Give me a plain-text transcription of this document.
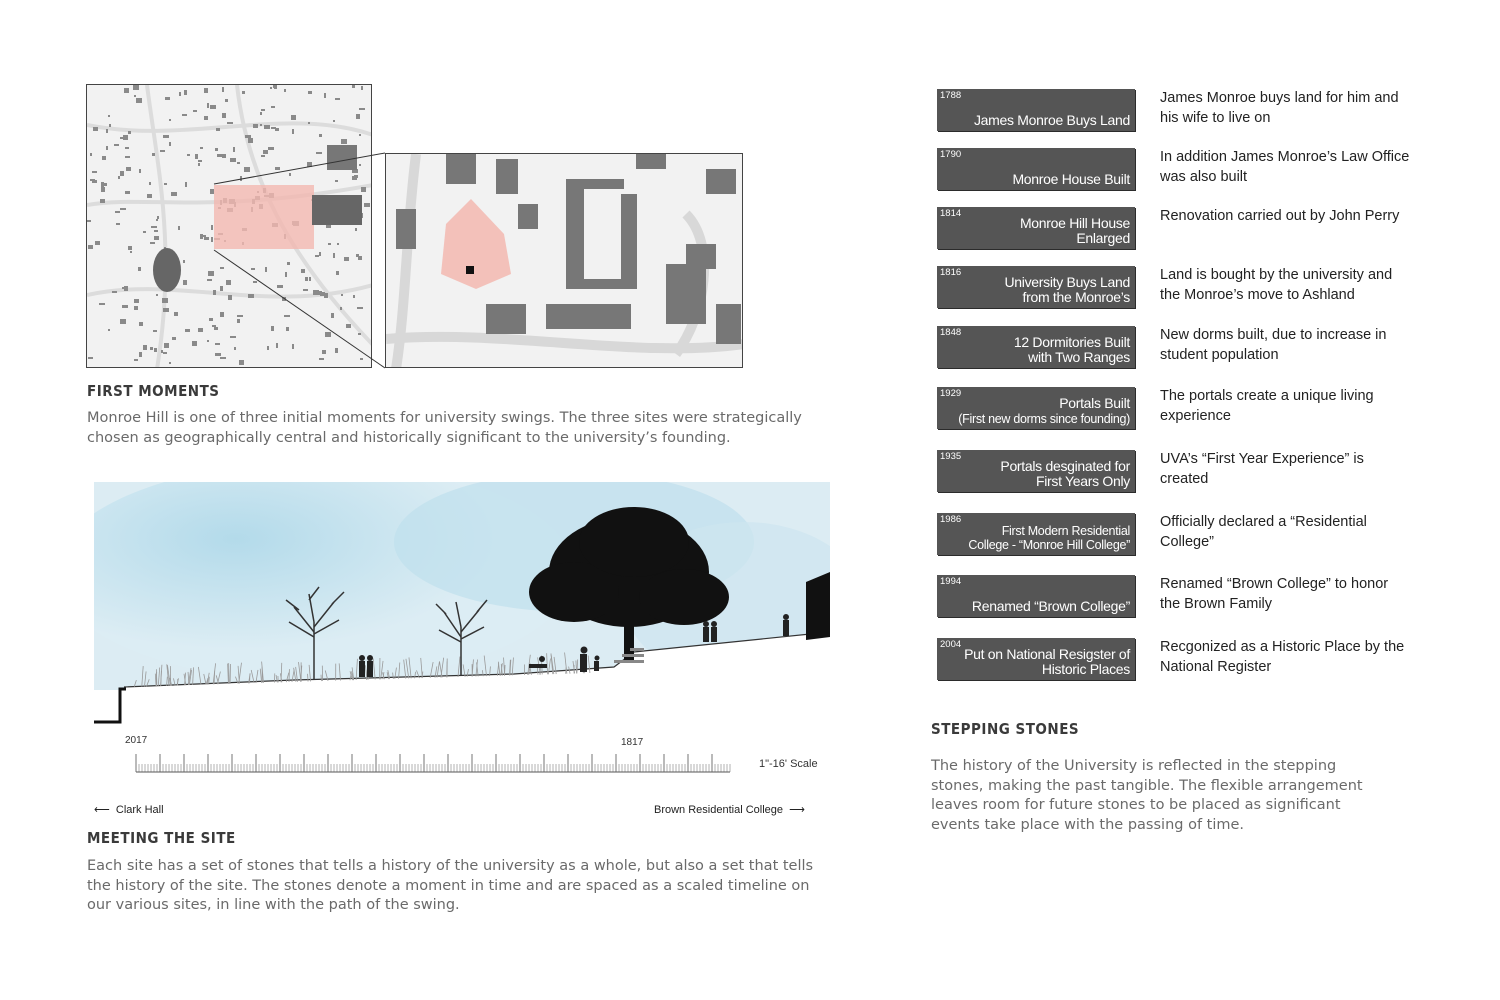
FIRST MOMENTS
Monroe Hill is one of three initial moments for university swings. The three sites were strategically chosen as geographically central and historically significant to the university’s founding.
2017	1817
1"-16' Scale
⟵  Clark Hall	Brown Residential College  ⟶
MEETING THE SITE
Each site has a set of stones that tells a history of the university as a whole, but also a set that tells the history of the site. The stones denote a moment in time and are spaced as a scaled timeline on our various sites, in line with the path of the swing.
1788
James Monroe Buys Land
James Monroe buys land for him and his wife to live on
1790
Monroe House Built
In addition James Monroe’s Law Office was also built
1814
Monroe Hill House Enlarged
Renovation carried out by John Perry
1816
University Buys Land from the Monroe’s
Land is bought by the university and the Monroe’s move to Ashland
1848
12 Dormitories Built with Two Ranges
New dorms built, due to increase in student population
1929
Portals Built
(First new dorms since founding)
The portals create a unique living experience
1935
Portals desginated for First Years Only
UVA’s “First Year Experience” is created
1986
First Modern Residential College - “Monroe Hill College”
Officially declared a “Residential College”
1994
Renamed “Brown College”
Renamed “Brown College” to honor the Brown Family
2004
Put on National Resigster of Historic Places
Recgonized as a Historic Place by the National Register
STEPPING STONES
The history of the University is reflected in the stepping stones, making the past tangible. The flexible arrangement leaves room for future stones to be placed as significant events take place with the passing of time.
